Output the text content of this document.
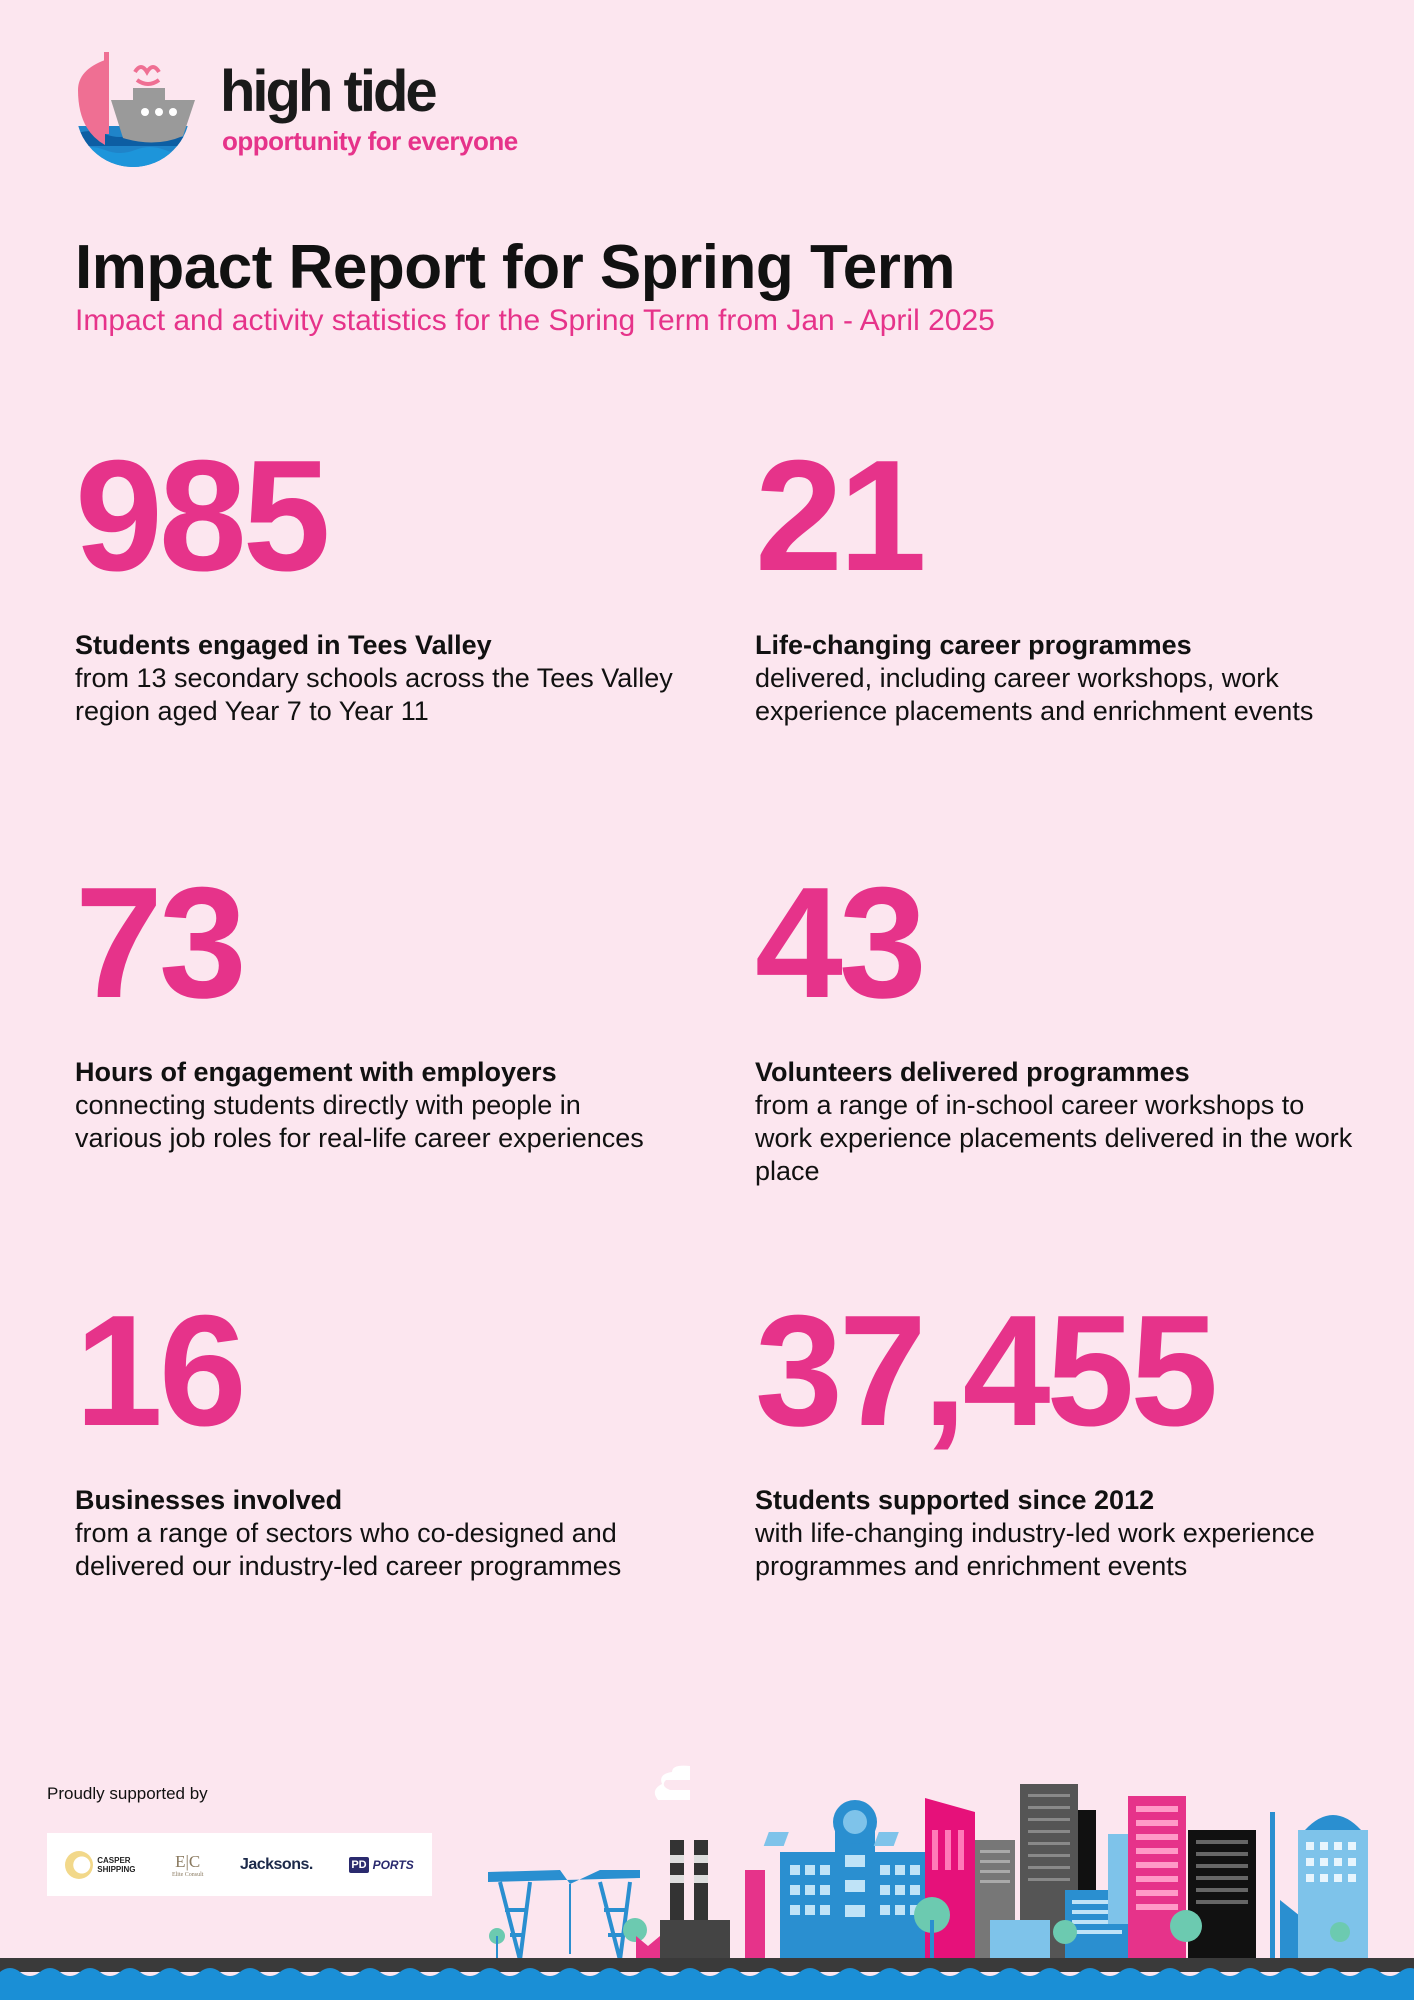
high tide
opportunity for everyone
Impact Report for Spring Term

Impact and activity statistics for the Spring Term from Jan - April 2025

985
Students engaged in Tees Valley
from 13 secondary schools across the Tees Valley region aged Year 7 to Year 11
21
Life-changing career programmes
delivered, including career workshops, work experience placements and enrichment events
73
Hours of engagement with employers
connecting students directly with people in various job roles for real-life career experiences
43
Volunteers delivered programmes
from a range of in-school career workshops to work experience placements delivered in the work place
16
Businesses involved
from a range of sectors who co-designed and delivered our industry-led career programmes
37,455
Students supported since 2012
with life-changing industry-led work experience programmes and enrichment events
Proudly supported by
CASPER
SHIPPING E|C
Elite Consult
Jacksons.	PD PORTS
